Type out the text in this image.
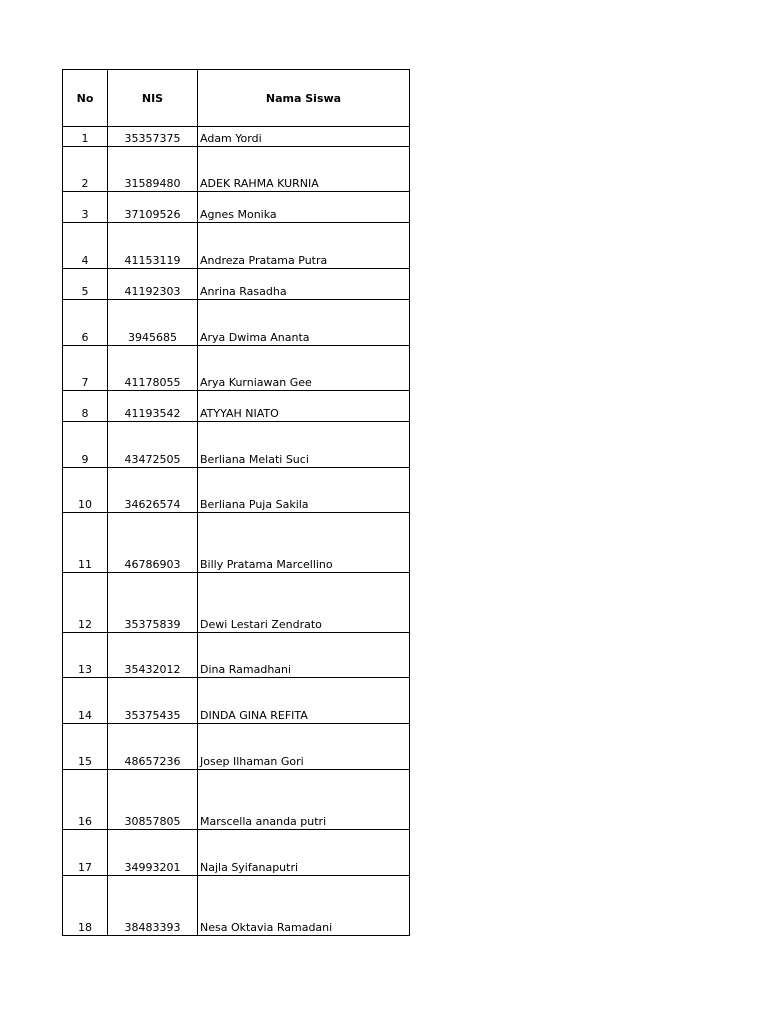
No	NIS	Nama Siswa
1	35357375	Adam Yordi
2	31589480	ADEK RAHMA KURNIA
3	37109526	Agnes Monika
4	41153119	Andreza Pratama Putra
5	41192303	Anrina Rasadha
6	3945685	Arya Dwima Ananta
7	41178055	Arya Kurniawan Gee
8	41193542	ATYYAH NIATO
9	43472505	Berliana Melati Suci
10	34626574	Berliana Puja Sakila
11	46786903	Billy Pratama Marcellino
12	35375839	Dewi Lestari Zendrato
13	35432012	Dina Ramadhani
14	35375435	DINDA GINA REFITA
15	48657236	Josep Ilhaman Gori
16	30857805	Marscella ananda putri
17	34993201	Najla Syifanaputri
18	38483393	Nesa Oktavia Ramadani
